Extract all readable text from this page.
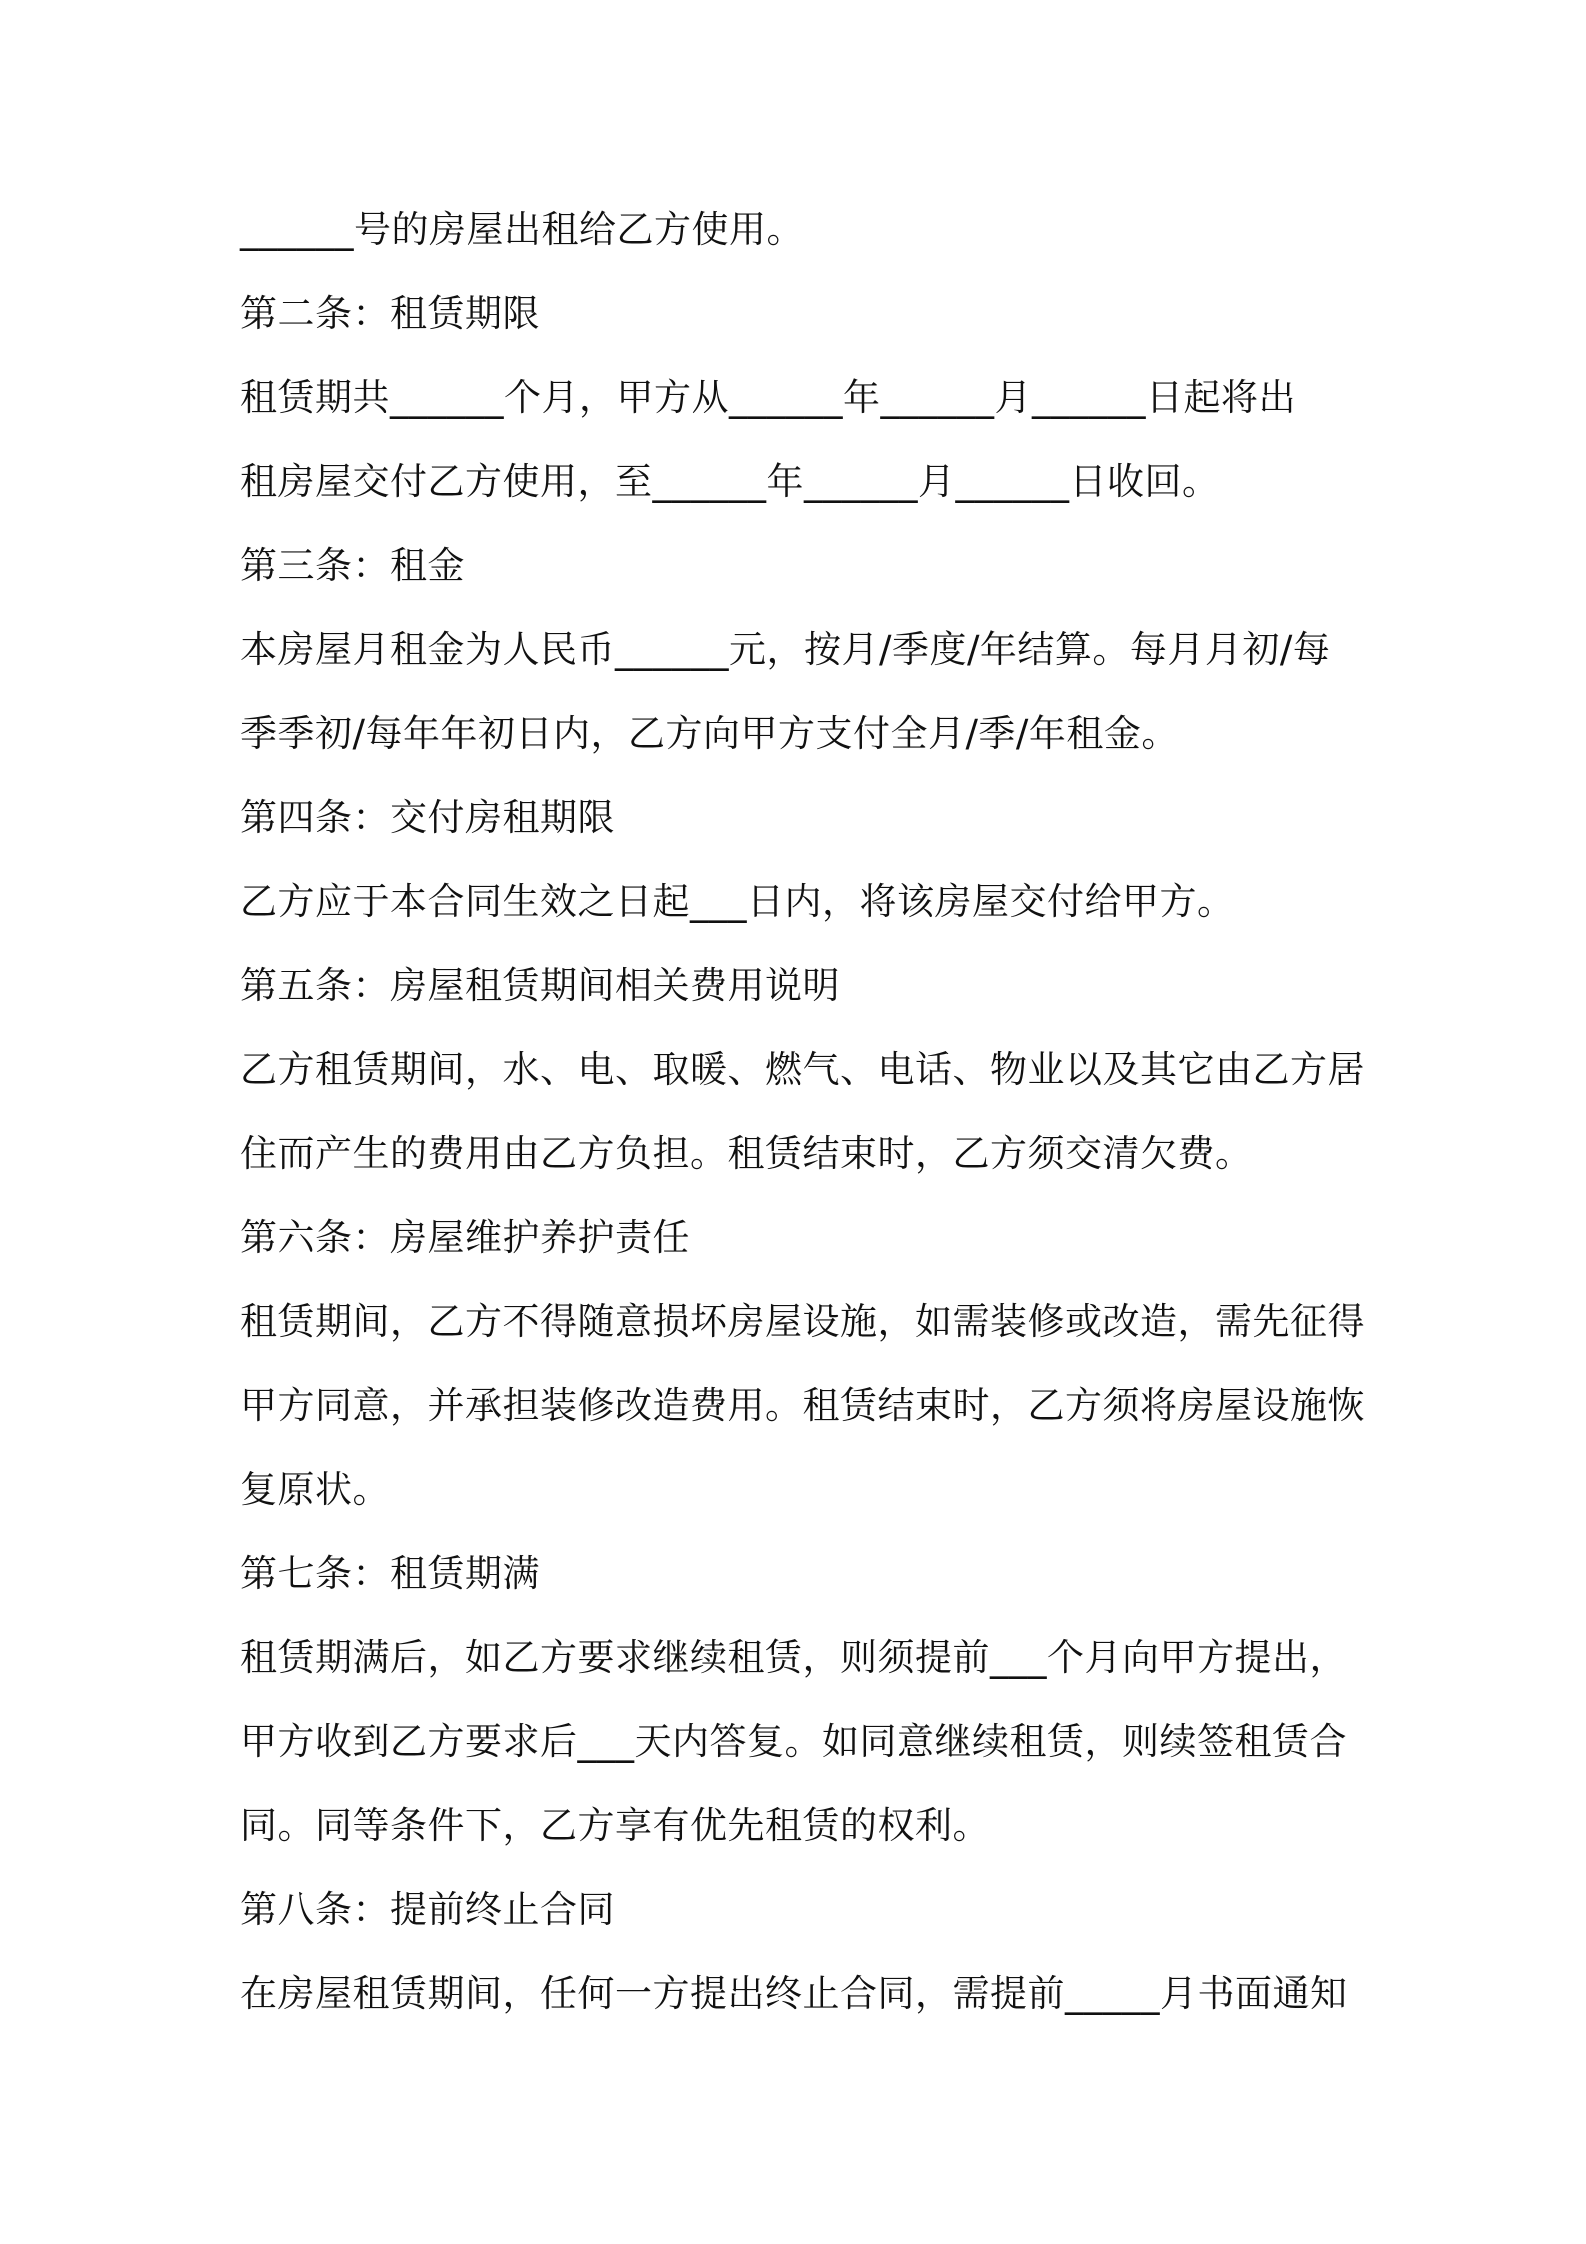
______号的房屋出租给乙方使用。
第二条：租赁期限
租赁期共______个月，甲方从______年______月______日起将出
租房屋交付乙方使用，至______年______月______日收回。
第三条：租金
本房屋月租金为人民币______元，按月/季度/年结算。每月月初/每
季季初/每年年初日内，乙方向甲方支付全月/季/年租金。
第四条：交付房租期限
乙方应于本合同生效之日起___日内，将该房屋交付给甲方。
第五条：房屋租赁期间相关费用说明
乙方租赁期间，水、电、取暖、燃气、电话、物业以及其它由乙方居
住而产生的费用由乙方负担。租赁结束时，乙方须交清欠费。
第六条：房屋维护养护责任
租赁期间，乙方不得随意损坏房屋设施，如需装修或改造，需先征得
甲方同意，并承担装修改造费用。租赁结束时，乙方须将房屋设施恢
复原状。
第七条：租赁期满
租赁期满后，如乙方要求继续租赁，则须提前___个月向甲方提出，
甲方收到乙方要求后___天内答复。如同意继续租赁，则续签租赁合
同。同等条件下，乙方享有优先租赁的权利。
第八条：提前终止合同
在房屋租赁期间，任何一方提出终止合同，需提前_____月书面通知
